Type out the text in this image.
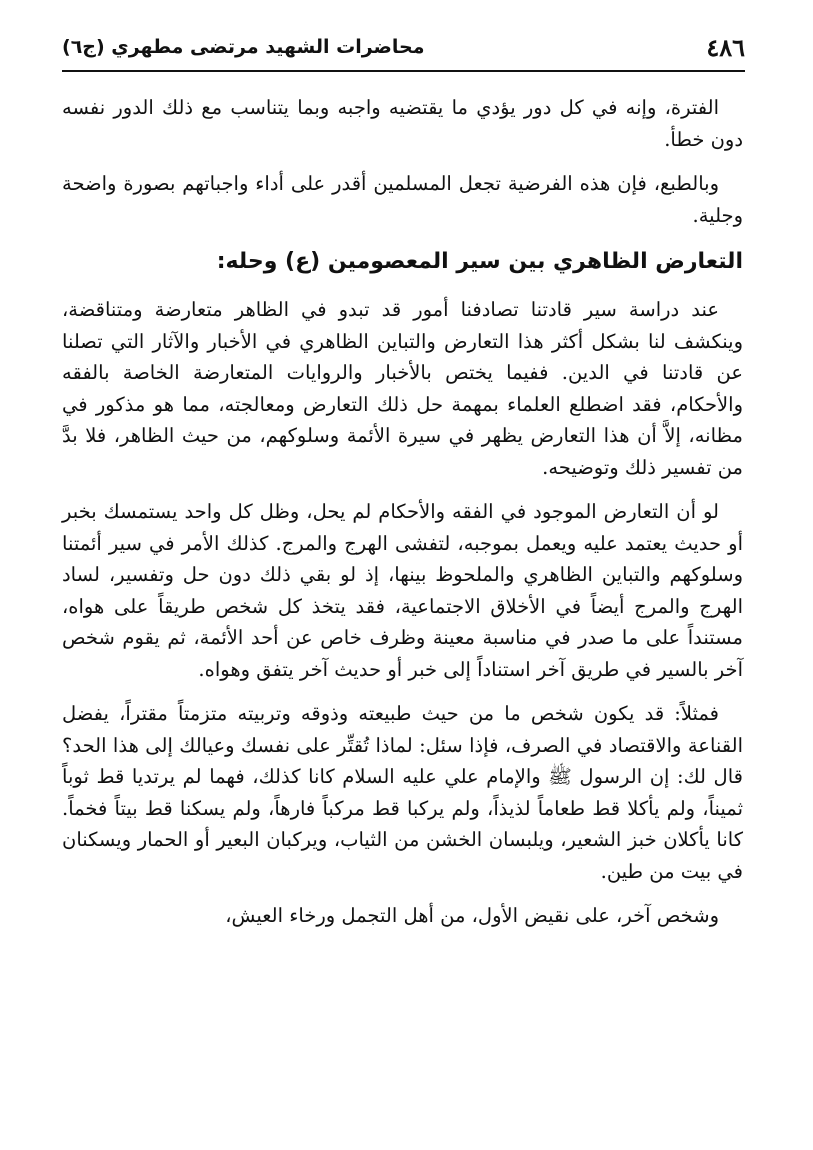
٤٨٦
محاضرات الشهيد مرتضى مطهري (ج٦)

الفترة، وإنه في كل دور يؤدي ما يقتضيه واجبه وبما يتناسب مع ذلك الدور نفسه دون خطأ.

وبالطبع، فإن هذه الفرضية تجعل المسلمين أقدر على أداء واجباتهم بصورة واضحة وجلية.

التعارض الظاهري بين سير المعصومين (ع) وحله:

عند دراسة سير قادتنا تصادفنا أمور قد تبدو في الظاهر متعارضة ومتناقضة، وينكشف لنا بشكل أكثر هذا التعارض والتباين الظاهري في الأخبار والآثار التي تصلنا عن قادتنا في الدين. ففيما يختص بالأخبار والروايات المتعارضة الخاصة بالفقه والأحكام، فقد اضطلع العلماء بمهمة حل ذلك التعارض ومعالجته، مما هو مذكور في مظانه، إلاَّ أن هذا التعارض يظهر في سيرة الأئمة وسلوكهم، من حيث الظاهر، فلا بدَّ من تفسير ذلك وتوضيحه.

لو أن التعارض الموجود في الفقه والأحكام لم يحل، وظل كل واحد يستمسك بخبر أو حديث يعتمد عليه ويعمل بموجبه، لتفشى الهرج والمرج. كذلك الأمر في سير أئمتنا وسلوكهم والتباين الظاهري والملحوظ بينها، إذ لو بقي ذلك دون حل وتفسير، لساد الهرج والمرج أيضاً في الأخلاق الاجتماعية، فقد يتخذ كل شخص طريقاً على هواه، مستنداً على ما صدر في مناسبة معينة وظرف خاص عن أحد الأئمة، ثم يقوم شخص آخر بالسير في طريق آخر استناداً إلى خبر أو حديث آخر يتفق وهواه.

فمثلاً: قد يكون شخص ما من حيث طبيعته وذوقه وتربيته متزمتاً مقتراً، يفضل القناعة والاقتصاد في الصرف، فإذا سئل: لماذا تُقتِّر على نفسك وعيالك إلى هذا الحد؟ قال لك: إن الرسول ﷺ والإمام علي عليه السلام كانا كذلك، فهما لم يرتديا قط ثوباً ثميناً، ولم يأكلا قط طعاماً لذيذاً، ولم يركبا قط مركباً فارهاً، ولم يسكنا قط بيتاً فخماً. كانا يأكلان خبز الشعير، ويلبسان الخشن من الثياب، ويركبان البعير أو الحمار ويسكنان في بيت من طين.

وشخص آخر، على نقيض الأول، من أهل التجمل ورخاء العيش،
